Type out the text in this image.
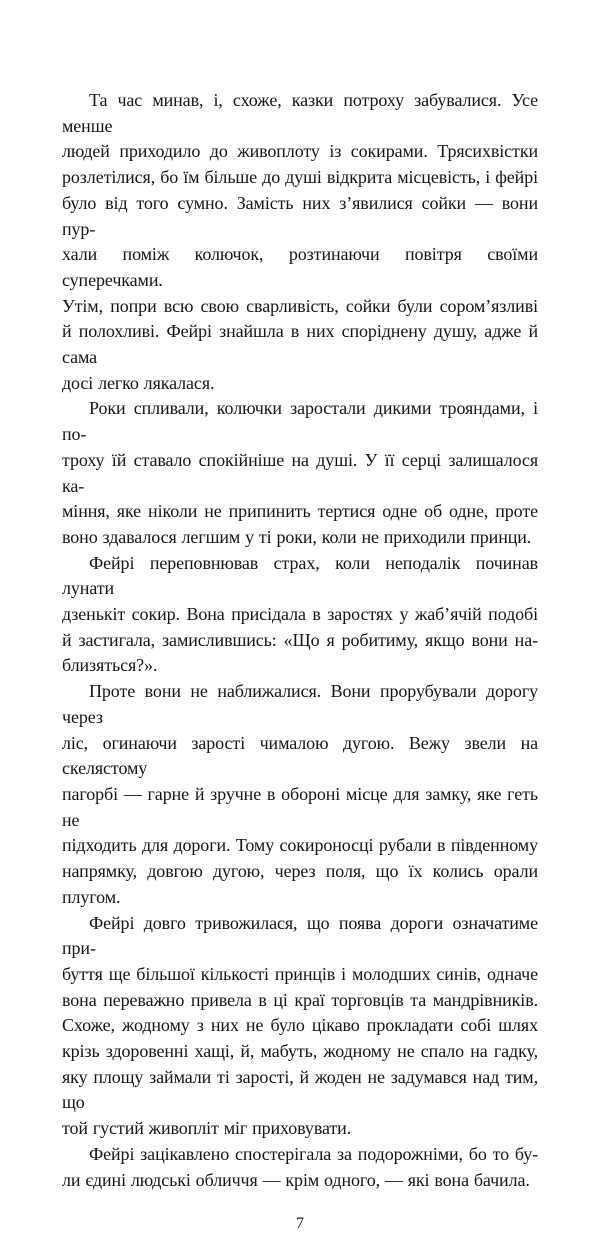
Та час минав, і, схоже, казки потроху забувалися. Усе менше
людей приходило до живоплоту із сокирами. Трясихвістки
розлетілися, бо їм більше до душі відкрита місцевість, і фейрі
було від того сумно. Замість них з’явилися сойки — вони пур-
хали поміж колючок, розтинаючи повітря своїми суперечками.
Утім, попри всю свою сварливість, сойки були сором’язливі
й полохливі. Фейрі знайшла в них споріднену душу, адже й сама
досі легко лякалася.
Роки спливали, колючки заростали дикими трояндами, і по-
троху їй ставало спокійніше на душі. У її серці залишалося ка-
міння, яке ніколи не припинить тертися одне об одне, проте
воно здавалося легшим у ті роки, коли не приходили принци.
Фейрі переповнював страх, коли неподалік починав лунати
дзенькіт сокир. Вона присідала в заростях у жаб’ячій подобі
й застигала, замислившись: «Що я робитиму, якщо вони на-
близяться?».
Проте вони не наближалися. Вони прорубували дорогу через
ліс, огинаючи зарості чималою дугою. Вежу звели на скелястому
пагорбі — гарне й зручне в обороні місце для замку, яке геть не
підходить для дороги. Тому сокироносці рубали в південному
напрямку, довгою дугою, через поля, що їх колись орали плугом.
Фейрі довго тривожилася, що поява дороги означатиме при-
буття ще більшої кількості принців і молодших синів, одначе
вона переважно привела в ці краї торговців та мандрівників.
Схоже, жодному з них не було цікаво прокладати собі шлях
крізь здоровенні хащі, й, мабуть, жодному не спало на гадку,
яку площу займали ті зарості, й жоден не задумався над тим, що
той густий живопліт міг приховувати.
Фейрі зацікавлено спостерігала за подорожніми, бо то бу-
ли єдині людські обличчя — крім одного, — які вона бачила.
7
